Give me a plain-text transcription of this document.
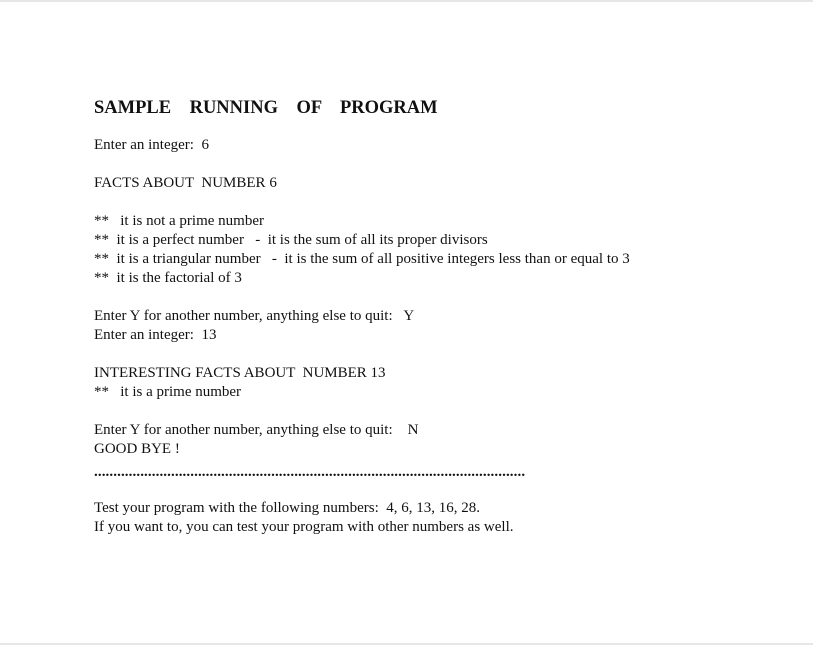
SAMPLE    RUNNING    OF    PROGRAM
Enter an integer:  6
FACTS ABOUT  NUMBER 6
**   it is not a prime number
**  it is a perfect number   -  it is the sum of all its proper divisors
**  it is a triangular number   -  it is the sum of all positive integers less than or equal to 3
**  it is the factorial of 3
Enter Y for another number, anything else to quit:   Y
Enter an integer:  13
INTERESTING FACTS ABOUT  NUMBER 13
**   it is a prime number
Enter Y for another number, anything else to quit:    N
GOOD BYE !
................................................................................................................
Test your program with the following numbers:  4, 6, 13, 16, 28.
If you want to, you can test your program with other numbers as well.
